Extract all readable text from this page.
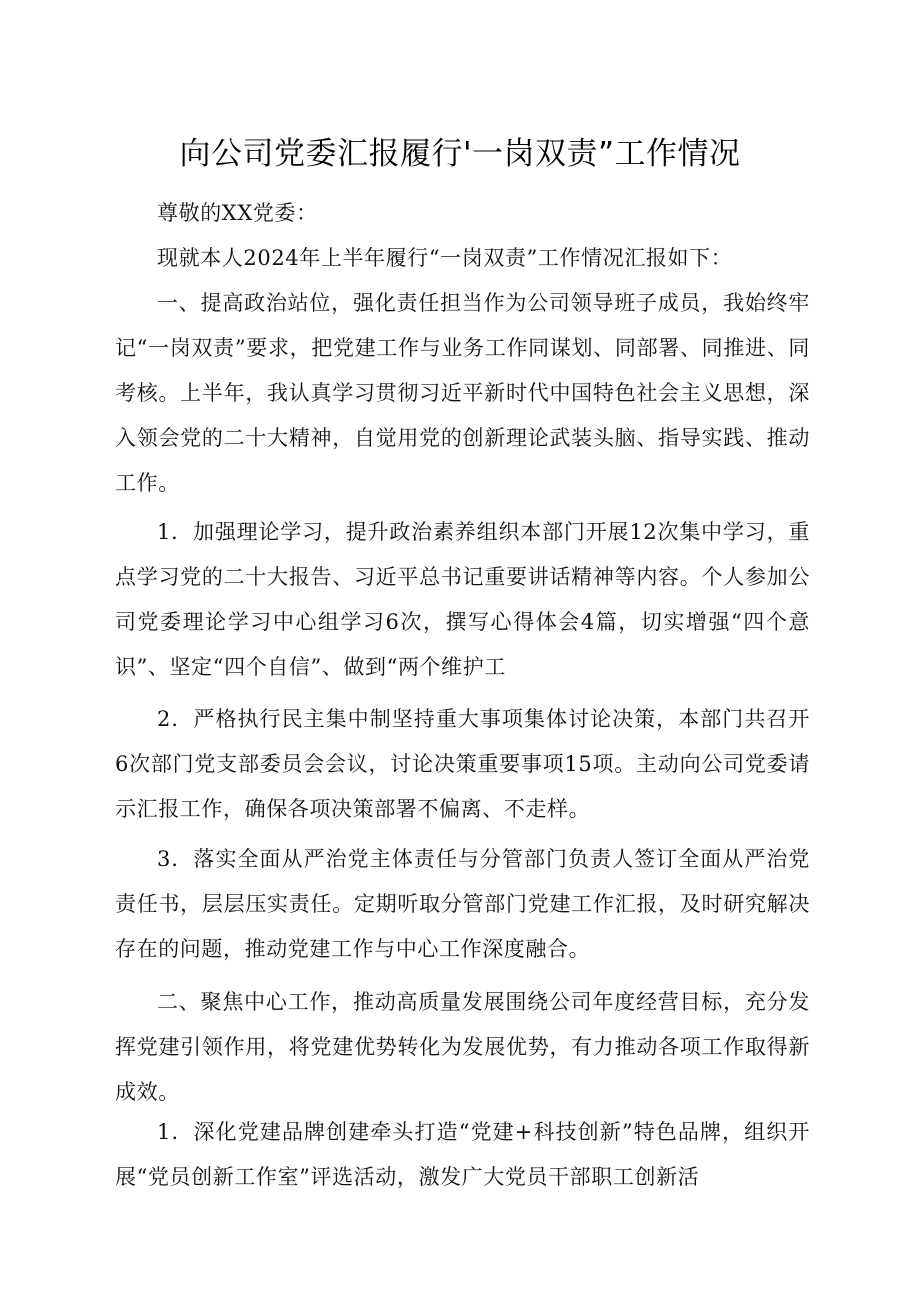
向公司党委汇报履行'一岗双责”工作情况

尊敬的XX党委：

现就本人2024年上半年履行“一岗双责”工作情况汇报如下：

一、提高政治站位，强化责任担当作为公司领导班子成员，我始终牢记“一岗双责”要求，把党建工作与业务工作同谋划、同部署、同推进、同考核。上半年，我认真学习贯彻习近平新时代中国特色社会主义思想，深入领会党的二十大精神，自觉用党的创新理论武装头脑、指导实践、推动工作。

1．加强理论学习，提升政治素养组织本部门开展12次集中学习，重点学习党的二十大报告、习近平总书记重要讲话精神等内容。个人参加公司党委理论学习中心组学习6次，撰写心得体会4篇，切实增强“四个意识”、坚定“四个自信”、做到“两个维护工

2．严格执行民主集中制坚持重大事项集体讨论决策，本部门共召开6次部门党支部委员会会议，讨论决策重要事项15项。主动向公司党委请示汇报工作，确保各项决策部署不偏离、不走样。

3．落实全面从严治党主体责任与分管部门负责人签订全面从严治党责任书，层层压实责任。定期听取分管部门党建工作汇报，及时研究解决存在的问题，推动党建工作与中心工作深度融合。

二、聚焦中心工作，推动高质量发展围绕公司年度经营目标，充分发挥党建引领作用，将党建优势转化为发展优势，有力推动各项工作取得新成效。

1．深化党建品牌创建牵头打造“党建+科技创新”特色品牌，组织开展“党员创新工作室”评选活动，激发广大党员干部职工创新活
